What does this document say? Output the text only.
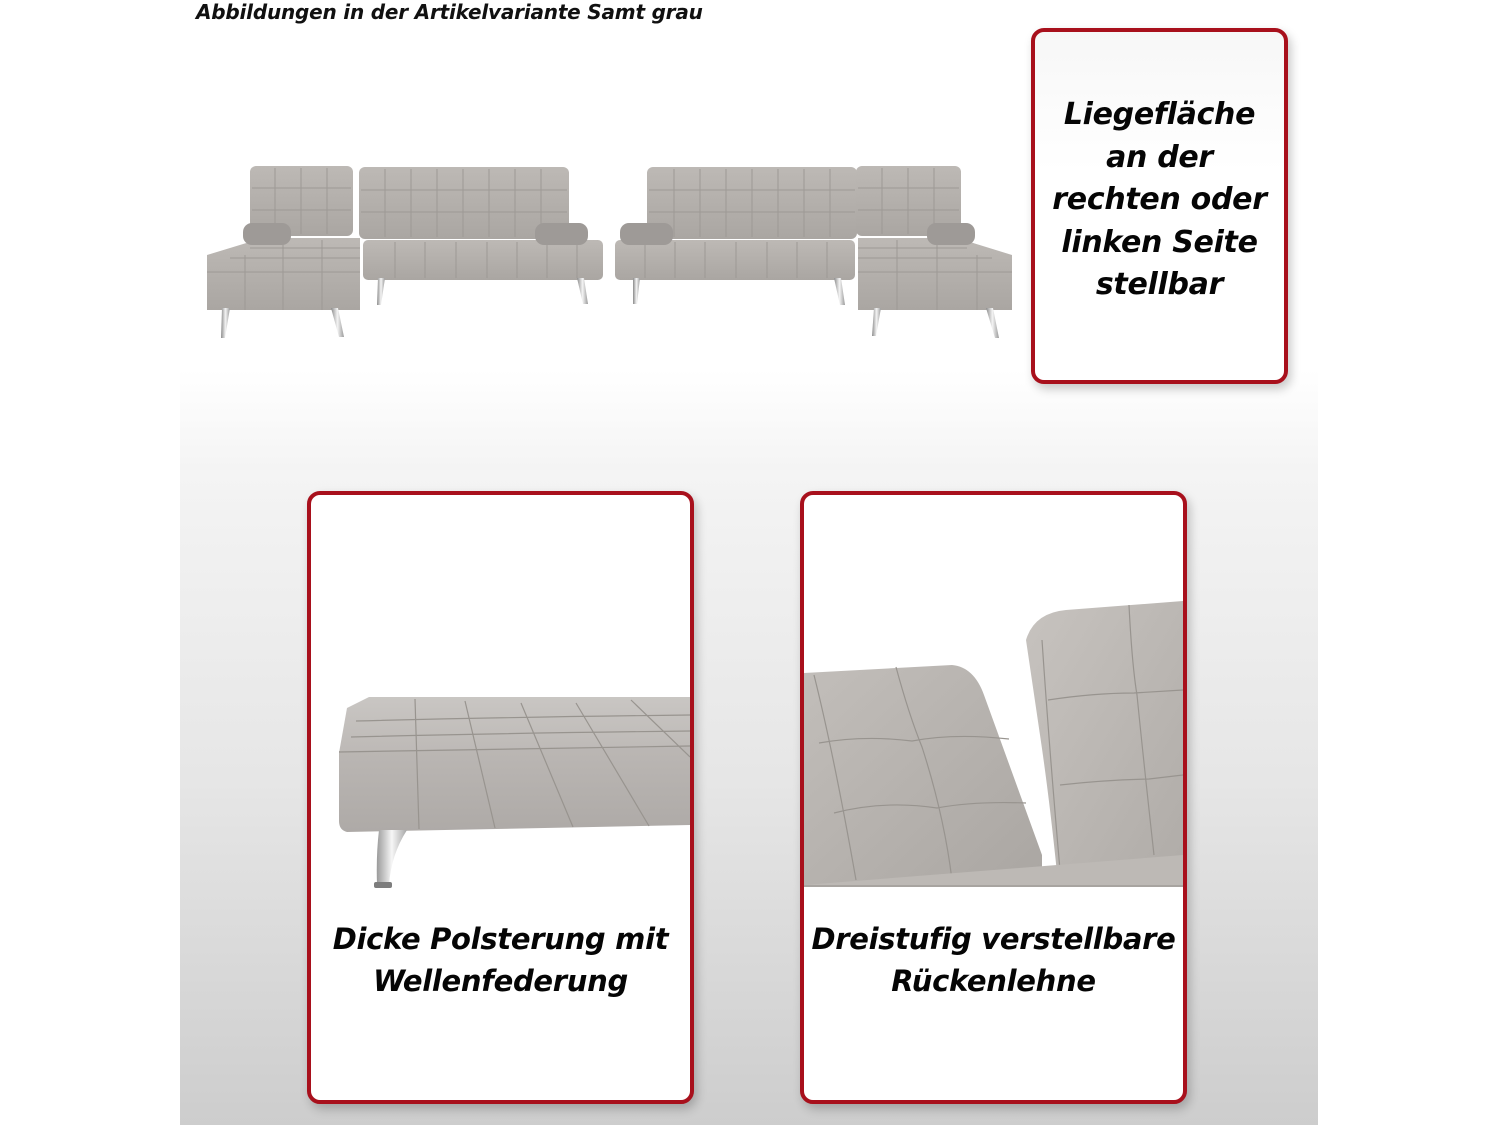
Abbildungen in der Artikelvariante Samt grau
Liegefläche
an der
rechten oder
linken Seite
stellbar
Dicke Polsterung mit
Wellenfederung
Dreistufig verstellbare
Rückenlehne
